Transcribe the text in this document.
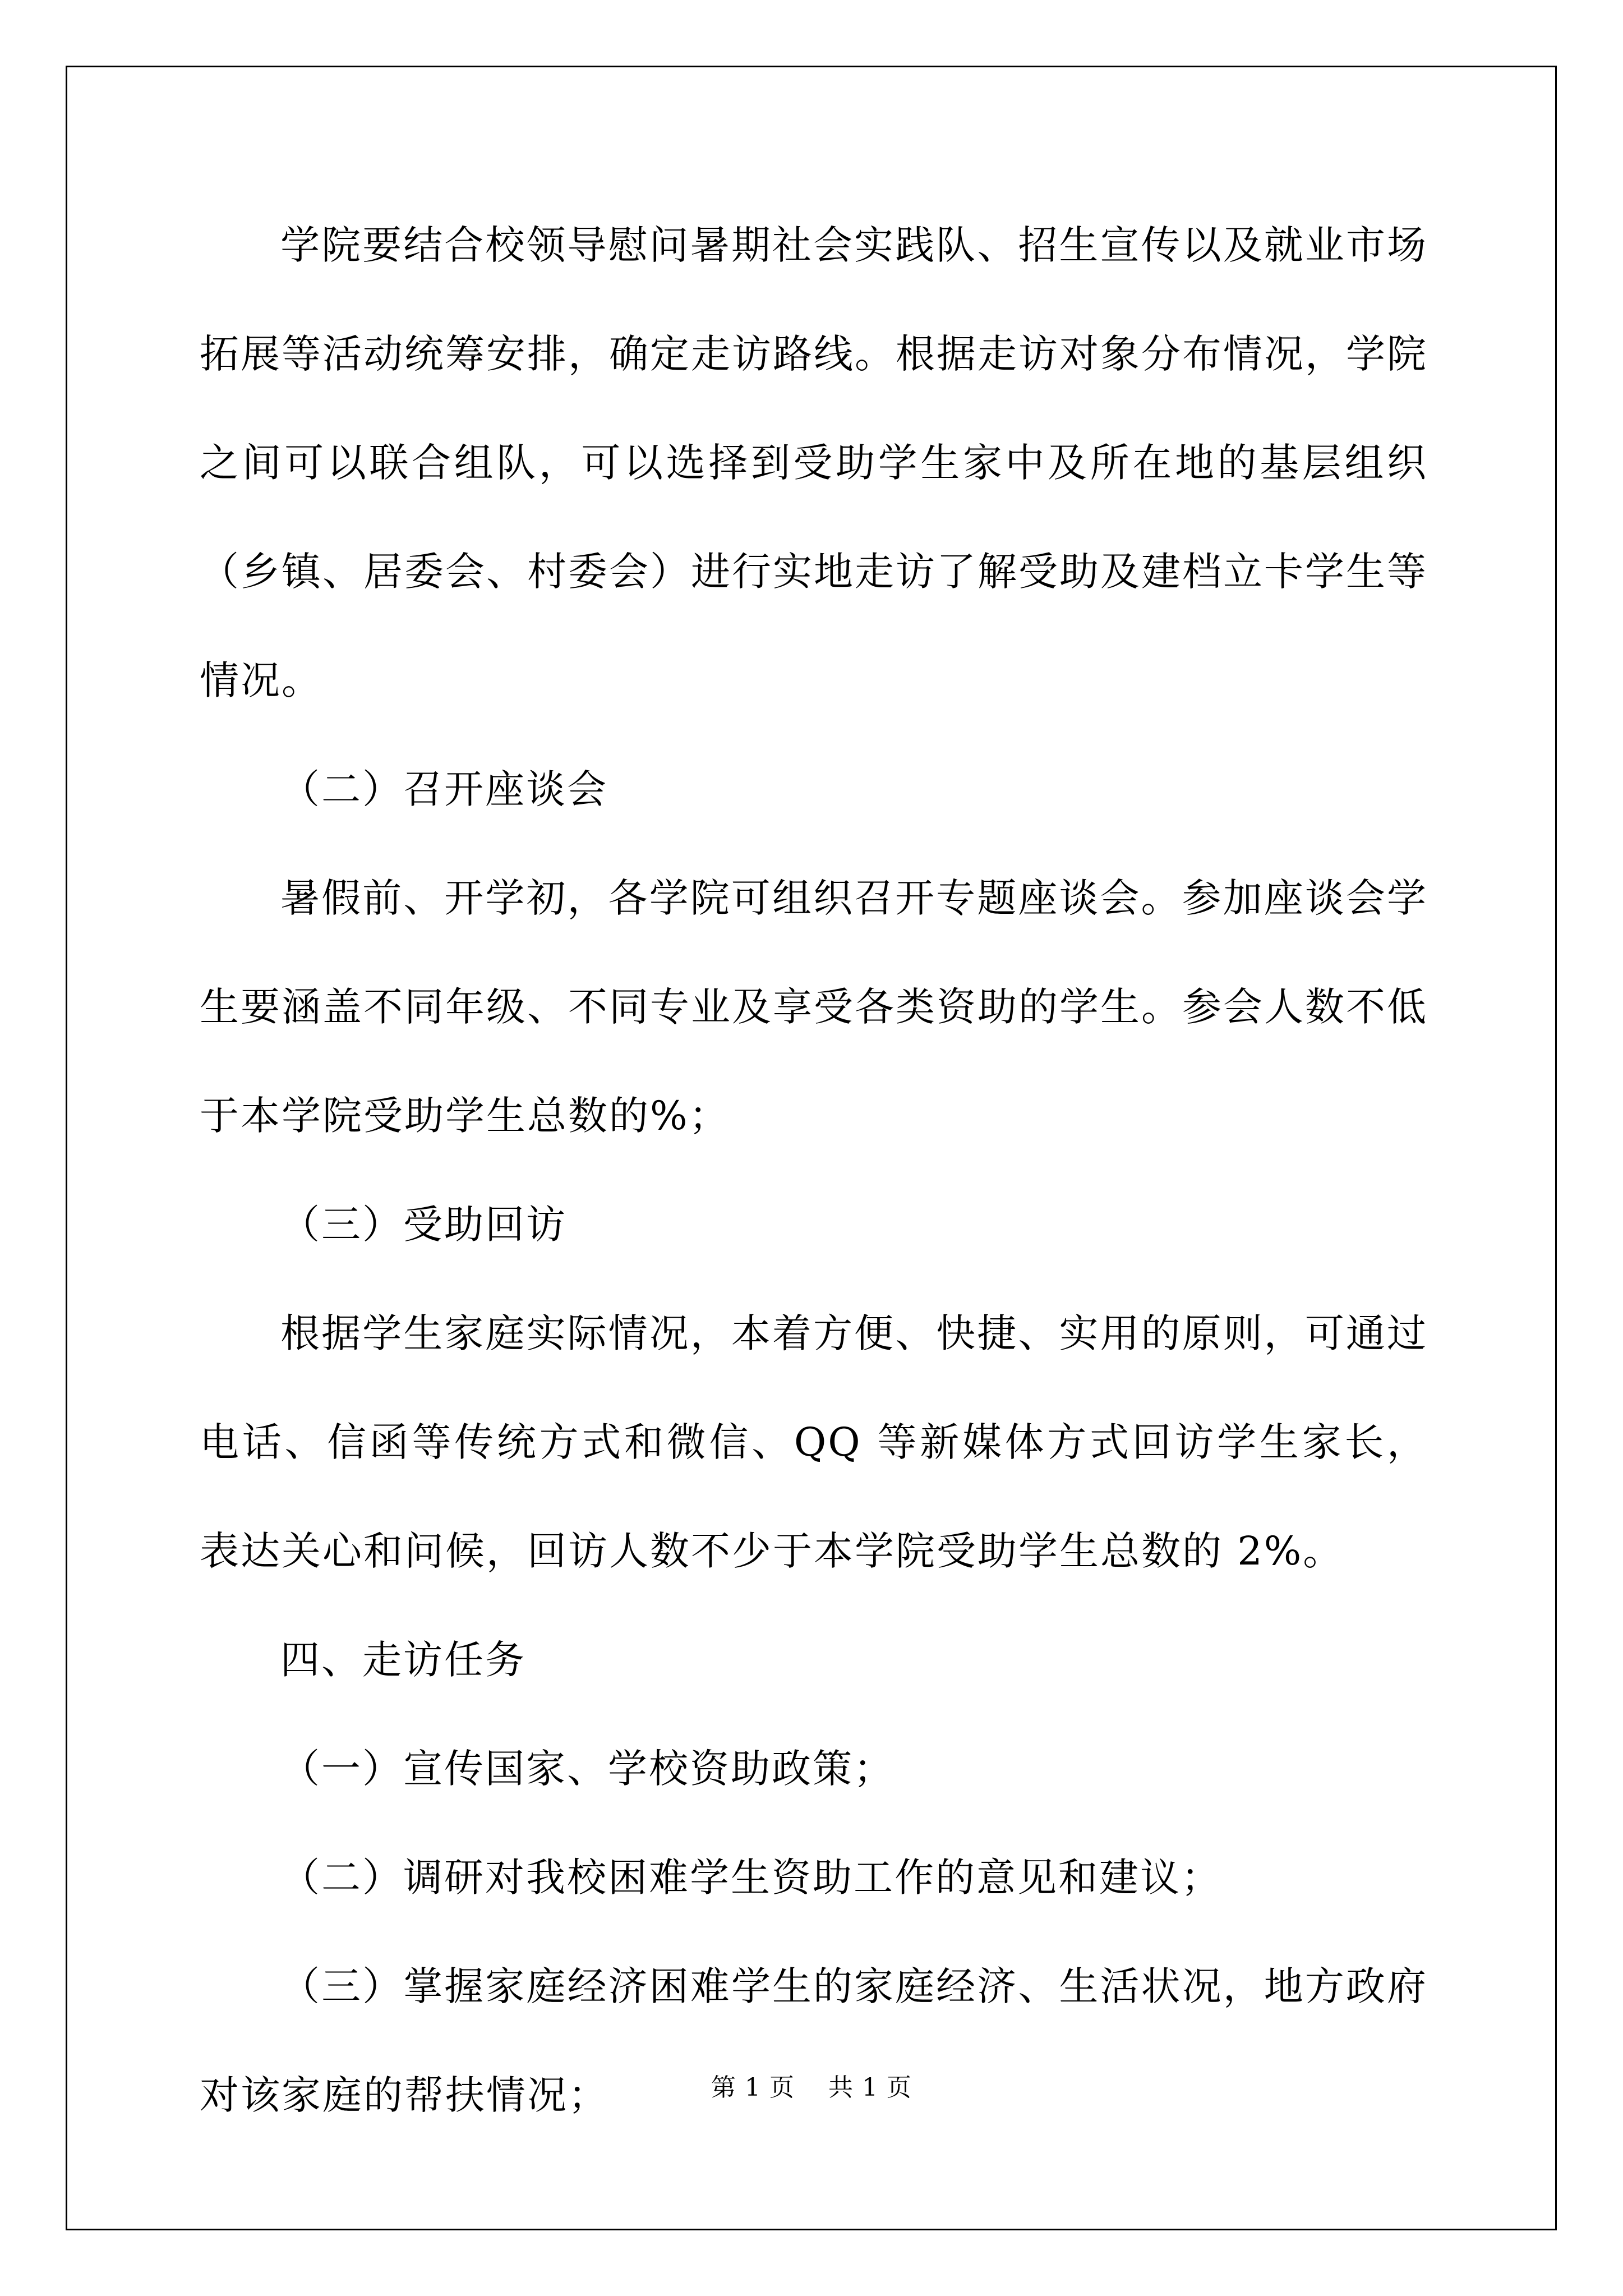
学院要结合校领导慰问暑期社会实践队、招生宣传以及就业市场拓展等活动统筹安排，确定走访路线。根据走访对象分布情况，学院之间可以联合组队，可以选择到受助学生家中及所在地的基层组织（乡镇、居委会、村委会）进行实地走访了解受助及建档立卡学生等情况。

（二）召开座谈会

暑假前、开学初，各学院可组织召开专题座谈会。参加座谈会学生要涵盖不同年级、不同专业及享受各类资助的学生。参会人数不低于本学院受助学生总数的%；

（三）受助回访

根据学生家庭实际情况，本着方便、快捷、实用的原则，可通过电话、信函等传统方式和微信、QQ 等新媒体方式回访学生家长，表达关心和问候，回访人数不少于本学院受助学生总数的 2%。

四、走访任务

（一）宣传国家、学校资助政策；

（二）调研对我校困难学生资助工作的意见和建议；

（三）掌握家庭经济困难学生的家庭经济、生活状况，地方政府对该家庭的帮扶情况；	第 1 页 共 1 页
